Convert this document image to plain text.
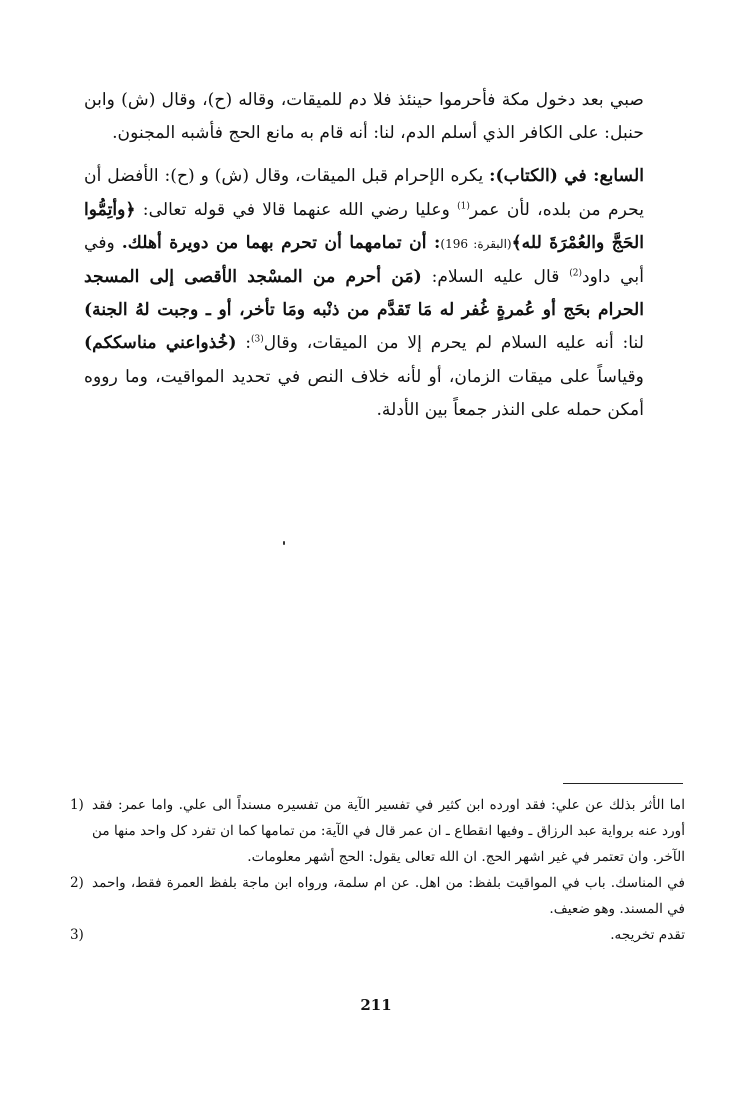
صبي بعد دخول مكة فأحرموا حينئذ فلا دم للميقات، وقاله (ح)، وقال (ش) وابن حنبل: على الكافر الذي أسلم الدم، لنا: أنه قام به مانع الحج فأشبه المجنون.

السابع: في (الكتاب): يكره الإحرام قبل الميقات، وقال (ش) و (ح): الأفضل أن يحرم من بلده، لأن عمر$^{(1)}$ وعليا رضي الله عنهما قالا في قوله تعالى: ﴿وأتِمُّوا الحَجَّ والعُمْرَةَ لله﴾(البقرة: 196): أن تمامهما أن تحرم بهما من دويرة أهلك. وفي أبي داود$^{(2)}$ قال عليه السلام: (مَن أحرم من المسْجد الأقصى إلى المسجد الحرام بحَج أو عُمرةٍ غُفر له مَا تَقدَّم من ذنْبه ومَا تأخر، أو ـ وجبت لهُ الجنة) لنا: أنه عليه السلام لم يحرم إلا من الميقات، وقال$^{(3)}$: (خُذواعني مناسككم) وقياساً على ميقات الزمان، أو لأنه خلاف النص في تحديد المواقيت، وما رووه أمكن حمله على النذر جمعاً بين الأدلة.

اما الأثر بذلك عن علي: فقد اورده ابن كثير في تفسير الآية من تفسيره مسنداً الى علي. واما عمر: فقد أورد عنه برواية عبد الرزاق ـ وفيها انقطاع ـ ان عمر قال في الآية: من تمامها كما ان تفرد كل واحد منها من الآخر. وان تعتمر في غير اشهر الحج. ان الله تعالى يقول: الحج أشهر معلومات.
1)
في المناسك. باب في المواقيت بلفظ: من اهل. عن ام سلمة، ورواه ابن ماجة بلفظ العمرة فقط، واحمد في المسند. وهو ضعيف.
2)
تقدم تخريجه.
3)
211
